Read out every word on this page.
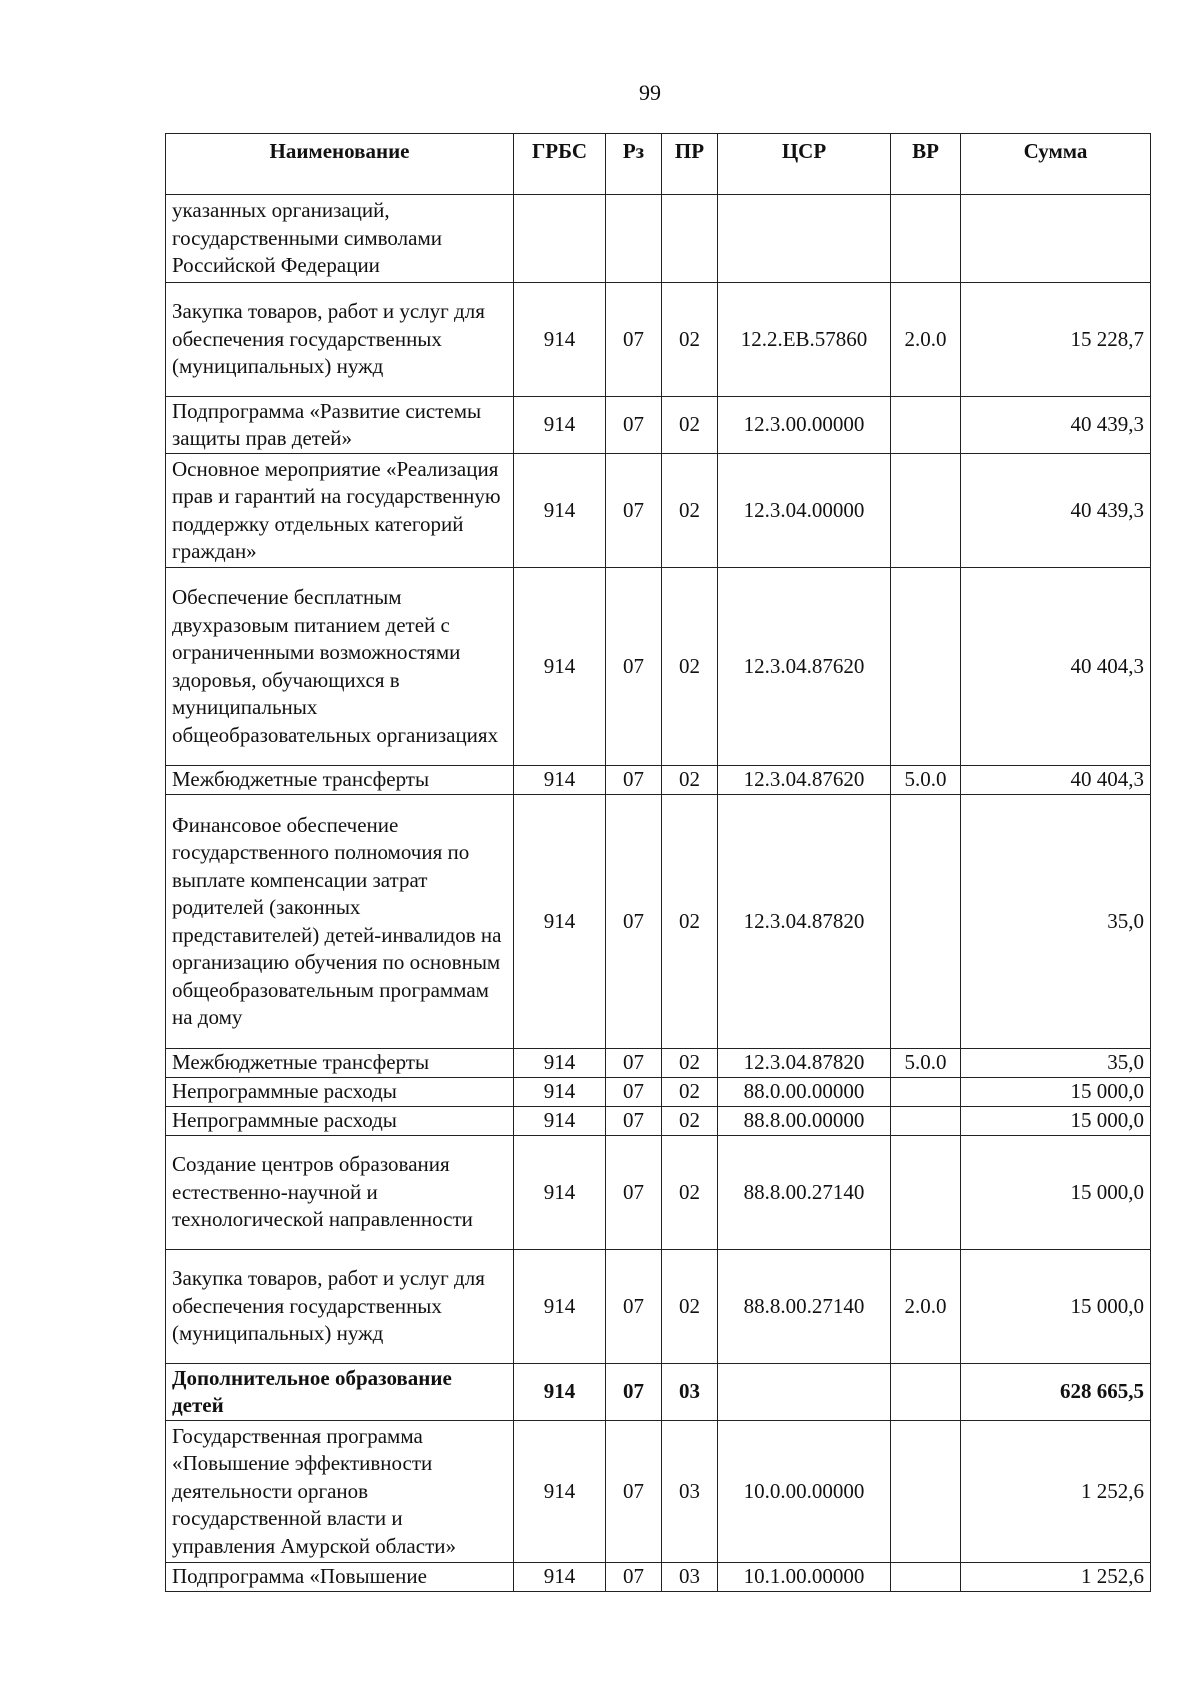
99
Наименование	ГРБС	Рз	ПР	ЦСР	ВР	Сумма
указанных организаций, государственными символами Российской Федерации						
Закупка товаров, работ и услуг для обеспечения государственных (муниципальных) нужд	914	07	02	12.2.EB.57860	2.0.0	15 228,7
Подпрограмма «Развитие системы защиты прав детей»	914	07	02	12.3.00.00000		40 439,3
Основное мероприятие «Реализация прав и гарантий на государственную поддержку отдельных категорий граждан»	914	07	02	12.3.04.00000		40 439,3
Обеспечение бесплатным двухразовым питанием детей с ограниченными возможностями здоровья, обучающихся в муниципальных общеобразовательных организациях	914	07	02	12.3.04.87620		40 404,3
Межбюджетные трансферты	914	07	02	12.3.04.87620	5.0.0	40 404,3
Финансовое обеспечение государственного полномочия по выплате компенсации затрат родителей (законных представителей) детей-инвалидов на организацию обучения по основным общеобразовательным программам на дому	914	07	02	12.3.04.87820		35,0
Межбюджетные трансферты	914	07	02	12.3.04.87820	5.0.0	35,0
Непрограммные расходы	914	07	02	88.0.00.00000		15 000,0
Непрограммные расходы	914	07	02	88.8.00.00000		15 000,0
Создание центров образования естественно-научной и технологической направленности	914	07	02	88.8.00.27140		15 000,0
Закупка товаров, работ и услуг для обеспечения государственных (муниципальных) нужд	914	07	02	88.8.00.27140	2.0.0	15 000,0
Дополнительное образование детей	914	07	03			628 665,5
Государственная программа «Повышение эффективности деятельности органов государственной власти и управления Амурской области»	914	07	03	10.0.00.00000		1 252,6
Подпрограмма «Повышение	914	07	03	10.1.00.00000		1 252,6
